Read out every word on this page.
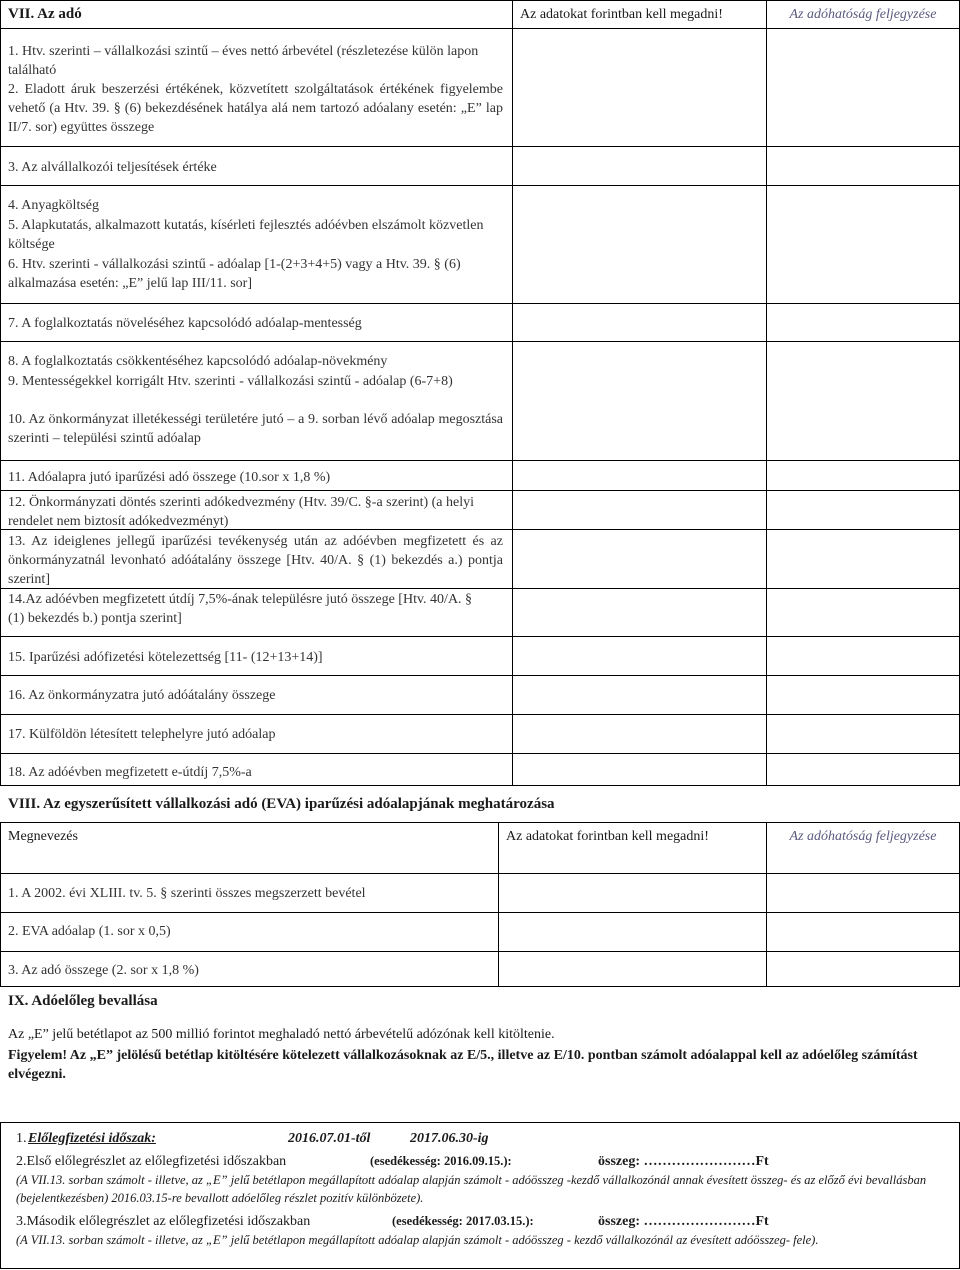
VII. Az adó	Az adatokat forintban kell megadni!	Az adóhatóság feljegyzése
1. Htv. szerinti – vállalkozási szintű – éves nettó árbevétel (részletezése külön lapon található
2. Eladott áruk beszerzési értékének, közvetített szolgáltatások értékének figyelembe vehető (a Htv. 39. § (6) bekezdésének hatálya alá nem tartozó adóalany esetén: „E” lap II/7. sor) együttes összege
3. Az alvállalkozói teljesítések értéke
4. Anyagköltség
5. Alapkutatás, alkalmazott kutatás, kísérleti fejlesztés adóévben elszámolt közvetlen költsége
6. Htv. szerinti - vállalkozási szintű - adóalap [1-(2+3+4+5) vagy a Htv. 39. § (6) alkalmazása esetén: „E” jelű lap III/11. sor]
7. A foglalkoztatás növeléséhez kapcsolódó adóalap-mentesség
8. A foglalkoztatás csökkentéséhez kapcsolódó adóalap-növekmény
9. Mentességekkel korrigált Htv. szerinti - vállalkozási szintű - adóalap (6-7+8)
10. Az önkormányzat illetékességi területére jutó – a 9. sorban lévő adóalap megosztása szerinti – települési szintű adóalap
11. Adóalapra jutó iparűzési adó összege (10.sor x 1,8 %)
12. Önkormányzati döntés szerinti adókedvezmény (Htv. 39/C. §-a szerint) (a helyi rendelet nem biztosít adókedvezményt)
13. Az ideiglenes jellegű iparűzési tevékenység után az adóévben megfizetett és az önkormányzatnál levonható adóátalány összege [Htv. 40/A. § (1) bekezdés a.) pontja szerint]
14.Az adóévben megfizetett útdíj 7,5%-ának településre jutó összege [Htv. 40/A. § (1) bekezdés b.) pontja szerint]
15. Iparűzési adófizetési kötelezettség [11- (12+13+14)]
16. Az önkormányzatra jutó adóátalány összege
17. Külföldön létesített telephelyre jutó adóalap
18. Az adóévben megfizetett e-útdíj 7,5%-a
VIII. Az egyszerűsített vállalkozási adó (EVA) iparűzési adóalapjának meghatározása
Megnevezés	Az adatokat forintban kell megadni!	Az adóhatóság feljegyzése
1. A 2002. évi XLIII. tv. 5. § szerinti összes megszerzett bevétel
2. EVA adóalap (1. sor x 0,5)
3. Az adó összege (2. sor x 1,8 %)
IX. Adóelőleg bevallása
Az „E” jelű betétlapot az 500 millió forintot meghaladó nettó árbevételű adózónak kell kitöltenie.
Figyelem! Az „E” jelölésű betétlap kitöltésére kötelezett vállalkozásoknak az E/5., illetve az E/10. pontban számolt adóalappal kell az adóelőleg számítást elvégezni.
1. Előlegfizetési időszak:	2016.07.01-től	2017.06.30-ig
2.Első előlegrészlet az előlegfizetési időszakban	(esedékesség: 2016.09.15.):	összeg: ……………………Ft
(A VII.13. sorban számolt - illetve, az „E” jelű betétlapon megállapított adóalap alapján számolt - adóösszeg -kezdő vállalkozónál annak évesített összeg- és az előző évi bevallásban (bejelentkezésben) 2016.03.15-re bevallott adóelőleg részlet pozitív különbözete).
3.Második előlegrészlet az előlegfizetési időszakban	(esedékesség: 2017.03.15.):	összeg: ……………………Ft
(A VII.13. sorban számolt - illetve, az „E” jelű betétlapon megállapított adóalap alapján számolt - adóösszeg - kezdő vállalkozónál az évesített adóösszeg- fele).
